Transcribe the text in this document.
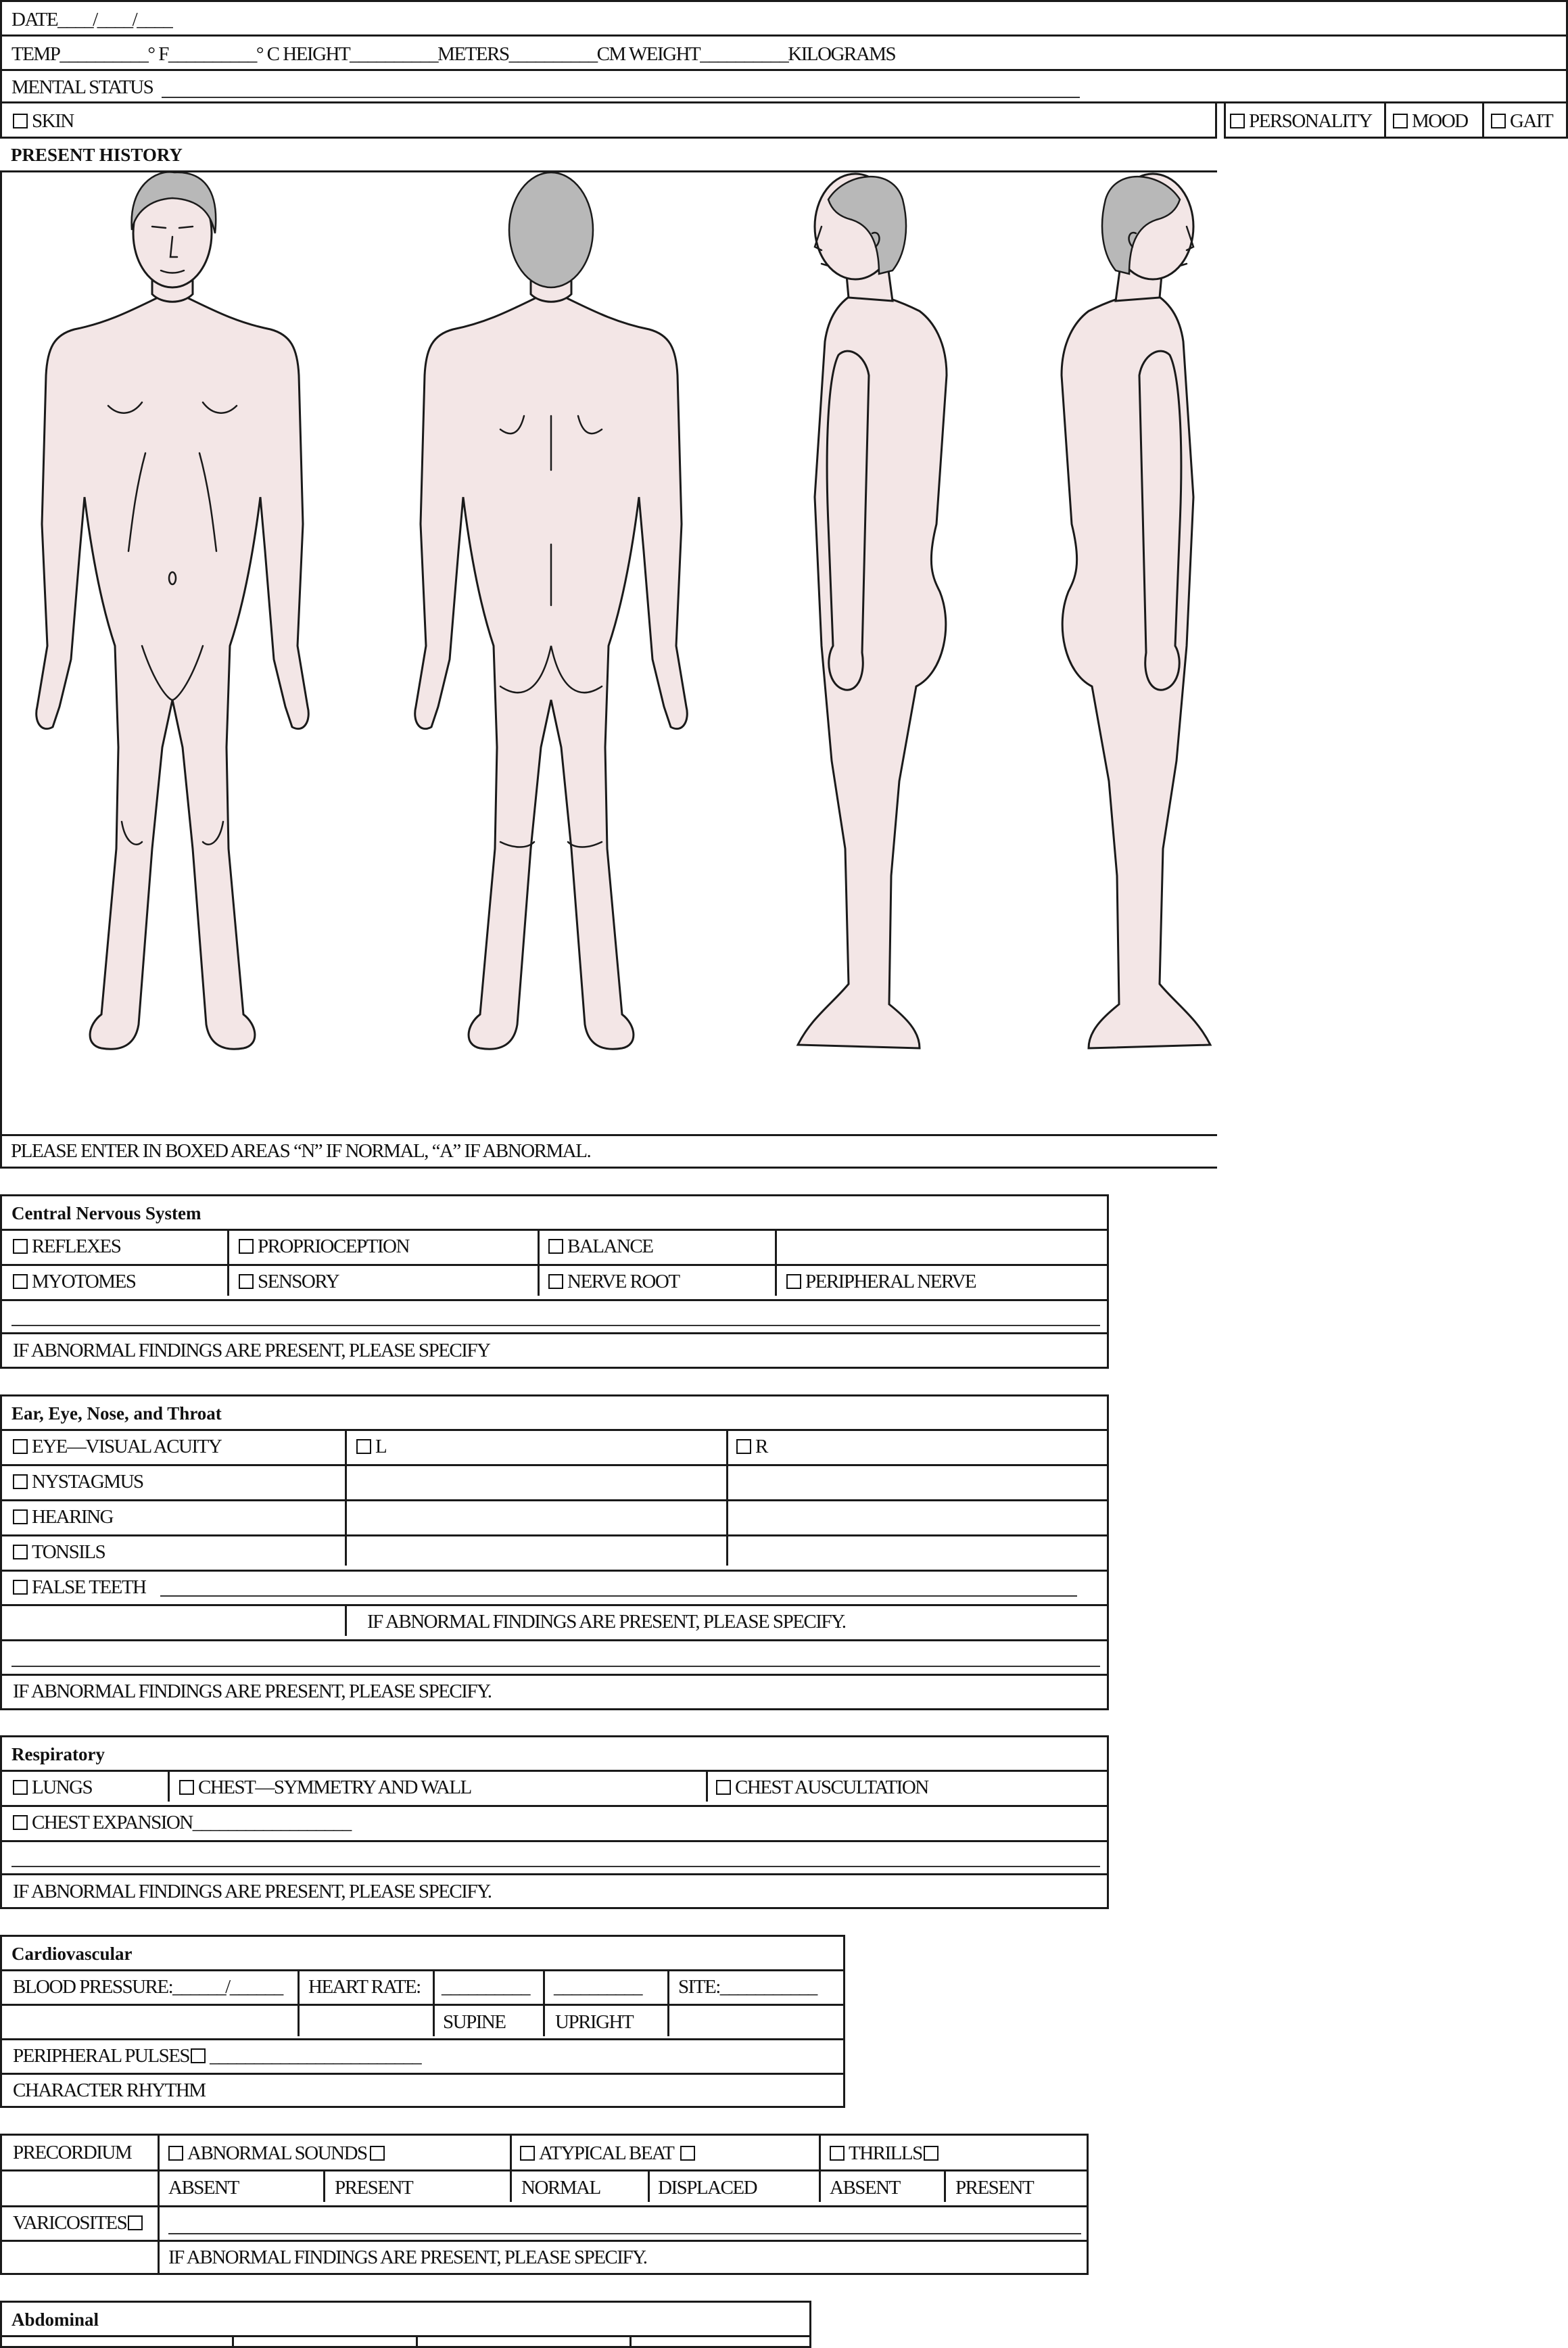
DATE____/____/____
TEMP__________° F__________° C HEIGHT__________METERS__________CM WEIGHT__________KILOGRAMS
MENTAL STATUS
SKIN	PERSONALITY	MOOD	GAIT
PRESENT HISTORY
PLEASE ENTER IN BOXED AREAS “N” IF NORMAL, “A” IF ABNORMAL.
Central Nervous System
REFLEXES	PROPRIOCEPTION	BALANCE
MYOTOMES	SENSORY	NERVE ROOT	PERIPHERAL NERVE
IF ABNORMAL FINDINGS ARE PRESENT, PLEASE SPECIFY
Ear, Eye, Nose, and Throat
EYE—VISUAL ACUITY	L	R
NYSTAGMUS
HEARING
TONSILS
FALSE TEETH
IF ABNORMAL FINDINGS ARE PRESENT, PLEASE SPECIFY.
IF ABNORMAL FINDINGS ARE PRESENT, PLEASE SPECIFY.
Respiratory
LUNGS	CHEST—SYMMETRY AND WALL	CHEST AUSCULTATION
CHEST EXPANSION__________________
IF ABNORMAL FINDINGS ARE PRESENT, PLEASE SPECIFY.
Cardiovascular
BLOOD PRESSURE:______/______ HEART RATE: __________ __________ SITE:___________
SUPINE	UPRIGHT
PERIPHERAL PULSES ________________________
CHARACTER RHYTHM
PRECORDIUM	ABNORMAL SOUNDS	ATYPICAL BEAT	THRILLS
ABSENT	PRESENT	NORMAL	DISPLACED	ABSENT	PRESENT
VARICOSITES
IF ABNORMAL FINDINGS ARE PRESENT, PLEASE SPECIFY.
Abdominal
